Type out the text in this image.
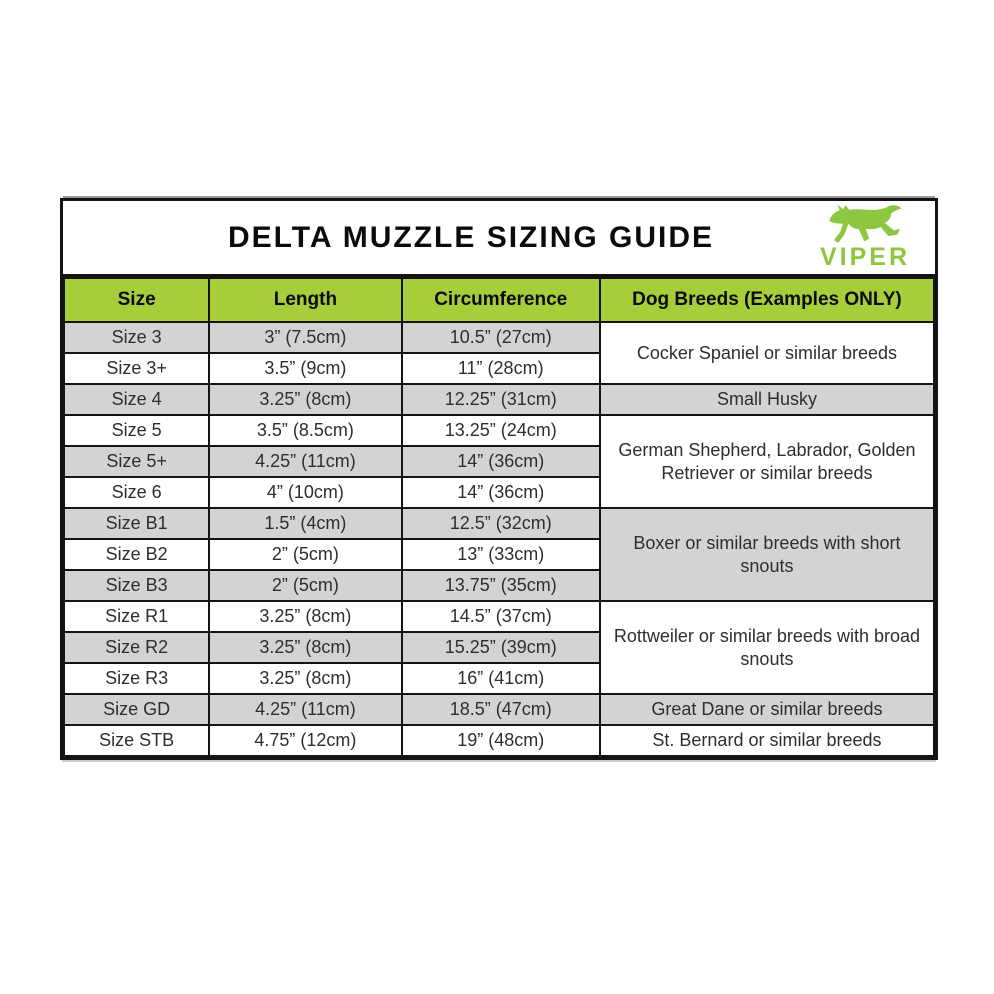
DELTA MUZZLE SIZING GUIDE
VIPER
Size	Length	Circumference	Dog Breeds (Examples ONLY)
Size 3	3” (7.5cm)	10.5” (27cm)	Cocker Spaniel or similar breeds
Size 3+	3.5” (9cm)	11” (28cm)	
Size 4	3.25” (8cm)	12.25” (31cm)	Small Husky
Size 5	3.5” (8.5cm)	13.25” (24cm)	German Shepherd, Labrador, Golden Retriever or similar breeds
Size 5+	4.25” (11cm)	14” (36cm)	
Size 6	4” (10cm)	14” (36cm)	
Size B1	1.5” (4cm)	12.5” (32cm)	Boxer or similar breeds with short snouts
Size B2	2” (5cm)	13” (33cm)	
Size B3	2” (5cm)	13.75” (35cm)	
Size R1	3.25” (8cm)	14.5” (37cm)	Rottweiler or similar breeds with broad snouts
Size R2	3.25” (8cm)	15.25” (39cm)	
Size R3	3.25” (8cm)	16” (41cm)	
Size GD	4.25” (11cm)	18.5” (47cm)	Great Dane or similar breeds
Size STB	4.75” (12cm)	19” (48cm)	St. Bernard or similar breeds
